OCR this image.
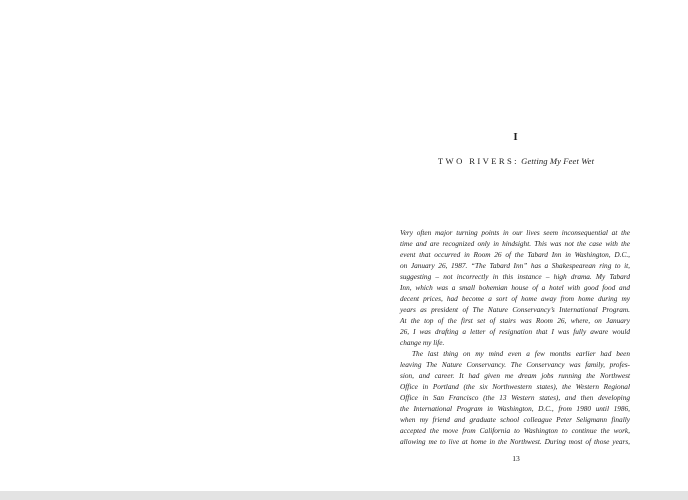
I
TWO RIVERS: Getting My Feet Wet
Very often major turning points in our lives seem inconsequential at the
time and are recognized only in hindsight. This was not the case with the
event that occurred in Room 26 of the Tabard Inn in Washington, D.C.,
on January 26, 1987. “The Tabard Inn” has a Shakespearean ring to it,
suggesting – not incorrectly in this instance – high drama. My Tabard
Inn, which was a small bohemian house of a hotel with good food and
decent prices, had become a sort of home away from home during my
years as president of The Nature Conservancy’s International Program.
At the top of the first set of stairs was Room 26, where, on January
26, I was drafting a letter of resignation that I was fully aware would
change my life.
The last thing on my mind even a few months earlier had been
leaving The Nature Conservancy. The Conservancy was family, profes-
sion, and career. It had given me dream jobs running the Northwest
Office in Portland (the six Northwestern states), the Western Regional
Office in San Francisco (the 13 Western states), and then developing
the International Program in Washington, D.C., from 1980 until 1986,
when my friend and graduate school colleague Peter Seligmann finally
accepted the move from California to Washington to continue the work,
allowing me to live at home in the Northwest. During most of those years,
13
